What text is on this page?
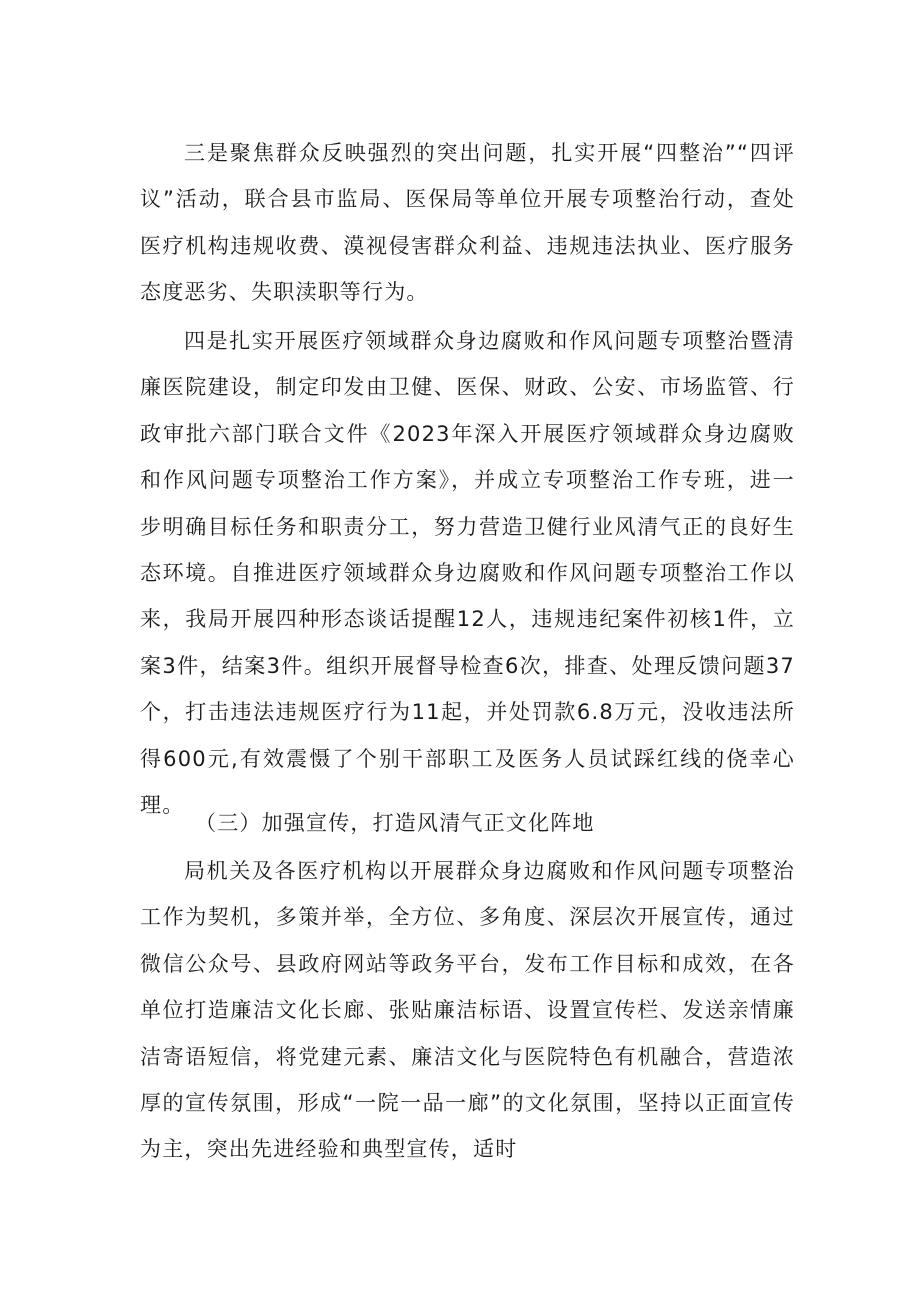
三是聚焦群众反映强烈的突出问题，扎实开展“四整治”“四评议”活动，联合县市监局、医保局等单位开展专项整治行动，查处医疗机构违规收费、漠视侵害群众利益、违规违法执业、医疗服务态度恶劣、失职渎职等行为。

四是扎实开展医疗领域群众身边腐败和作风问题专项整治暨清廉医院建设，制定印发由卫健、医保、财政、公安、市场监管、行政审批六部门联合文件《2023年深入开展医疗领域群众身边腐败和作风问题专项整治工作方案》，并成立专项整治工作专班，进一步明确目标任务和职责分工，努力营造卫健行业风清气正的良好生态环境。自推进医疗领域群众身边腐败和作风问题专项整治工作以来，我局开展四种形态谈话提醒12人，违规违纪案件初核1件，立案3件，结案3件。组织开展督导检查6次，排查、处理反馈问题37个，打击违法违规医疗行为11起，并处罚款6.8万元，没收违法所得600元,有效震慑了个别干部职工及医务人员试踩红线的侥幸心理。

（三）加强宣传，打造风清气正文化阵地

局机关及各医疗机构以开展群众身边腐败和作风问题专项整治工作为契机，多策并举，全方位、多角度、深层次开展宣传，通过微信公众号、县政府网站等政务平台，发布工作目标和成效，在各单位打造廉洁文化长廊、张贴廉洁标语、设置宣传栏、发送亲情廉洁寄语短信，将党建元素、廉洁文化与医院特色有机融合，营造浓厚的宣传氛围，形成“一院一品一廊”的文化氛围，坚持以正面宣传为主，突出先进经验和典型宣传，适时
